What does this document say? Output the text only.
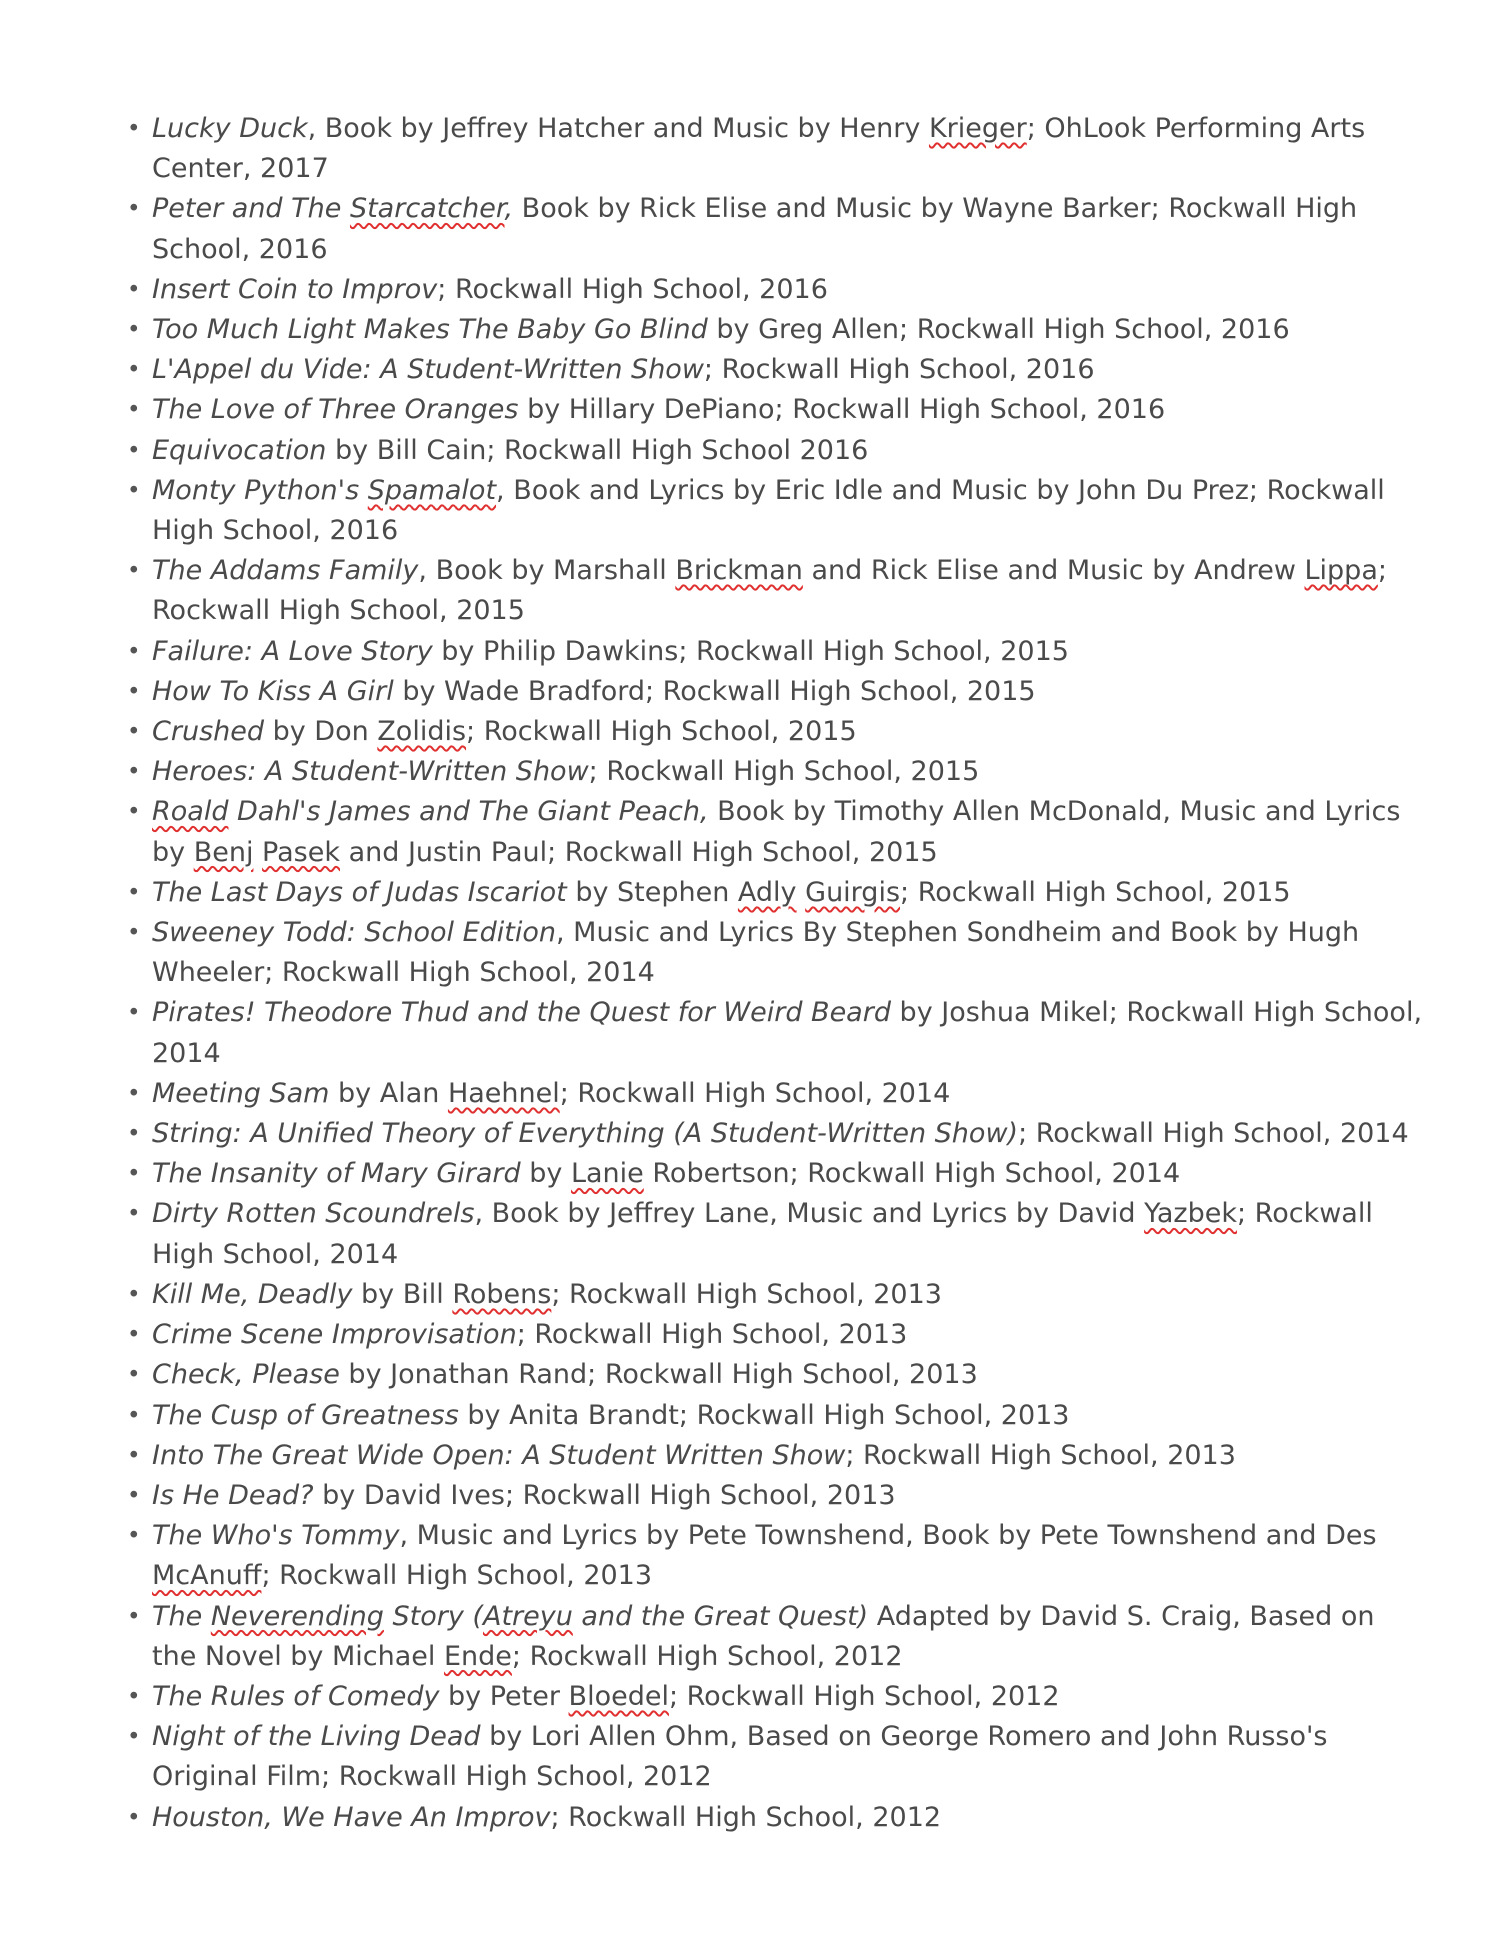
• Lucky Duck, Book by Jeffrey Hatcher and Music by Henry Krieger; OhLook Performing Arts Center, 2017
• Peter and The Starcatcher, Book by Rick Elise and Music by Wayne Barker; Rockwall High School, 2016
• Insert Coin to Improv; Rockwall High School, 2016
• Too Much Light Makes The Baby Go Blind by Greg Allen; Rockwall High School, 2016
• L'Appel du Vide: A Student-Written Show; Rockwall High School, 2016
• The Love of Three Oranges by Hillary DePiano; Rockwall High School, 2016
• Equivocation by Bill Cain; Rockwall High School 2016
• Monty Python's Spamalot, Book and Lyrics by Eric Idle and Music by John Du Prez; Rockwall High School, 2016
• The Addams Family, Book by Marshall Brickman and Rick Elise and Music by Andrew Lippa; Rockwall High School, 2015
• Failure: A Love Story by Philip Dawkins; Rockwall High School, 2015
• How To Kiss A Girl by Wade Bradford; Rockwall High School, 2015
• Crushed by Don Zolidis; Rockwall High School, 2015
• Heroes: A Student-Written Show; Rockwall High School, 2015
• Roald Dahl's James and The Giant Peach, Book by Timothy Allen McDonald, Music and Lyrics by Benj Pasek and Justin Paul; Rockwall High School, 2015
• The Last Days of Judas Iscariot by Stephen Adly Guirgis; Rockwall High School, 2015
• Sweeney Todd: School Edition, Music and Lyrics By Stephen Sondheim and Book by Hugh Wheeler; Rockwall High School, 2014
• Pirates! Theodore Thud and the Quest for Weird Beard by Joshua Mikel; Rockwall High School, 2014
• Meeting Sam by Alan Haehnel; Rockwall High School, 2014
• String: A Unified Theory of Everything (A Student-Written Show); Rockwall High School, 2014
• The Insanity of Mary Girard by Lanie Robertson; Rockwall High School, 2014
• Dirty Rotten Scoundrels, Book by Jeffrey Lane, Music and Lyrics by David Yazbek; Rockwall High School, 2014
• Kill Me, Deadly by Bill Robens; Rockwall High School, 2013
• Crime Scene Improvisation; Rockwall High School, 2013
• Check, Please by Jonathan Rand; Rockwall High School, 2013
• The Cusp of Greatness by Anita Brandt; Rockwall High School, 2013
• Into The Great Wide Open: A Student Written Show; Rockwall High School, 2013
• Is He Dead? by David Ives; Rockwall High School, 2013
• The Who's Tommy, Music and Lyrics by Pete Townshend, Book by Pete Townshend and Des McAnuff; Rockwall High School, 2013
• The Neverending Story (Atreyu and the Great Quest) Adapted by David S. Craig, Based on the Novel by Michael Ende; Rockwall High School, 2012
• The Rules of Comedy by Peter Bloedel; Rockwall High School, 2012
• Night of the Living Dead by Lori Allen Ohm, Based on George Romero and John Russo's Original Film; Rockwall High School, 2012
• Houston, We Have An Improv; Rockwall High School, 2012
